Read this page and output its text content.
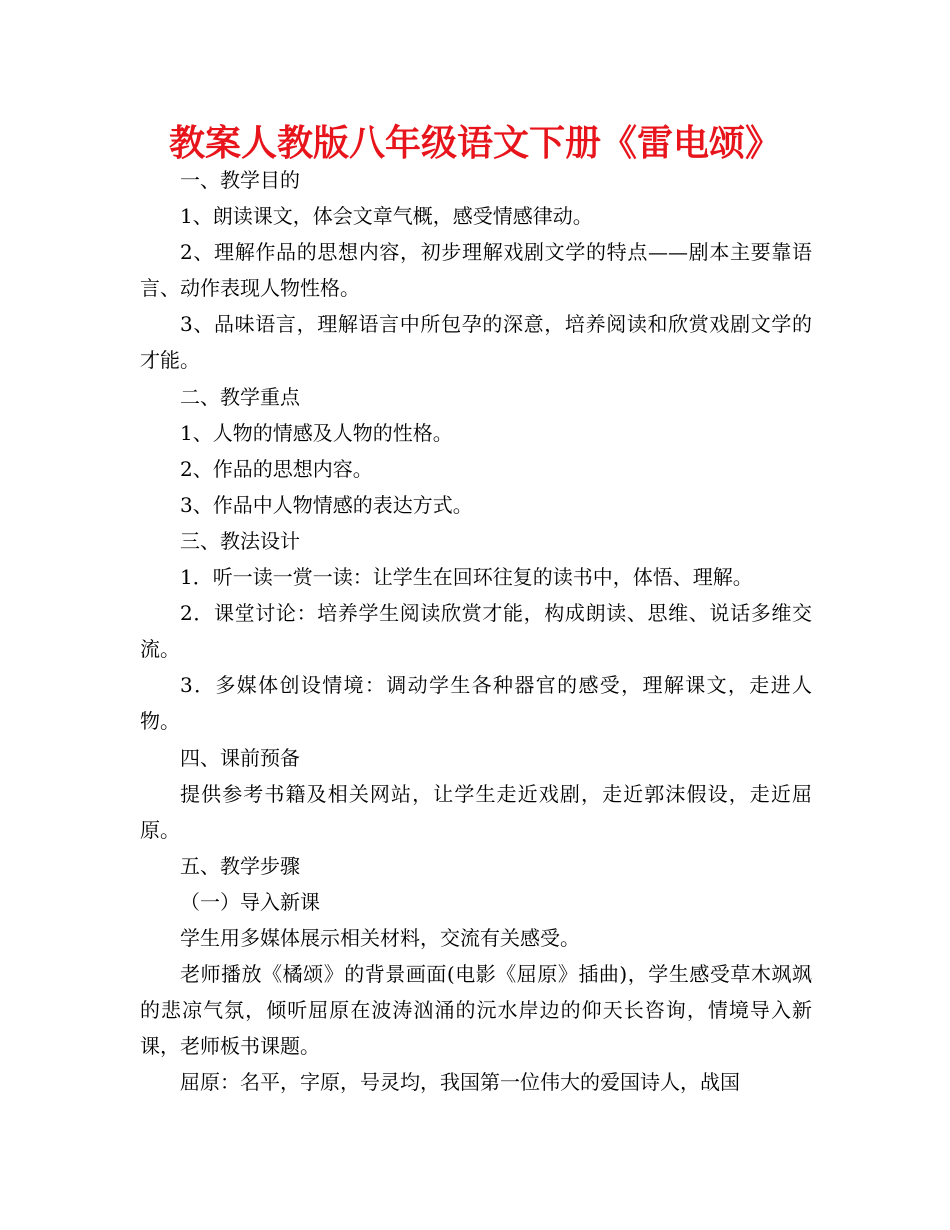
教案人教版八年级语文下册《雷电颂》

一、教学目的

1、朗读课文，体会文章气概，感受情感律动。

2、理解作品的思想内容，初步理解戏剧文学的特点——剧本主要靠语言、动作表现人物性格。

3、品味语言，理解语言中所包孕的深意，培养阅读和欣赏戏剧文学的才能。

二、教学重点

1、人物的情感及人物的性格。

2、作品的思想内容。

3、作品中人物情感的表达方式。

三、教法设计

1．听一读一赏一读：让学生在回环往复的读书中，体悟、理解。

2．课堂讨论：培养学生阅读欣赏才能，构成朗读、思维、说话多维交流。

3．多媒体创设情境：调动学生各种器官的感受，理解课文，走进人物。

四、课前预备

提供参考书籍及相关网站，让学生走近戏剧，走近郭沫假设，走近屈原。

五、教学步骤

（一）导入新课

学生用多媒体展示相关材料，交流有关感受。

老师播放《橘颂》的背景画面(电影《屈原》插曲)，学生感受草木飒飒的悲凉气氛，倾听屈原在波涛汹涌的沅水岸边的仰天长咨询，情境导入新课，老师板书课题。

屈原：名平，字原，号灵均，我国第一位伟大的爱国诗人，战国
